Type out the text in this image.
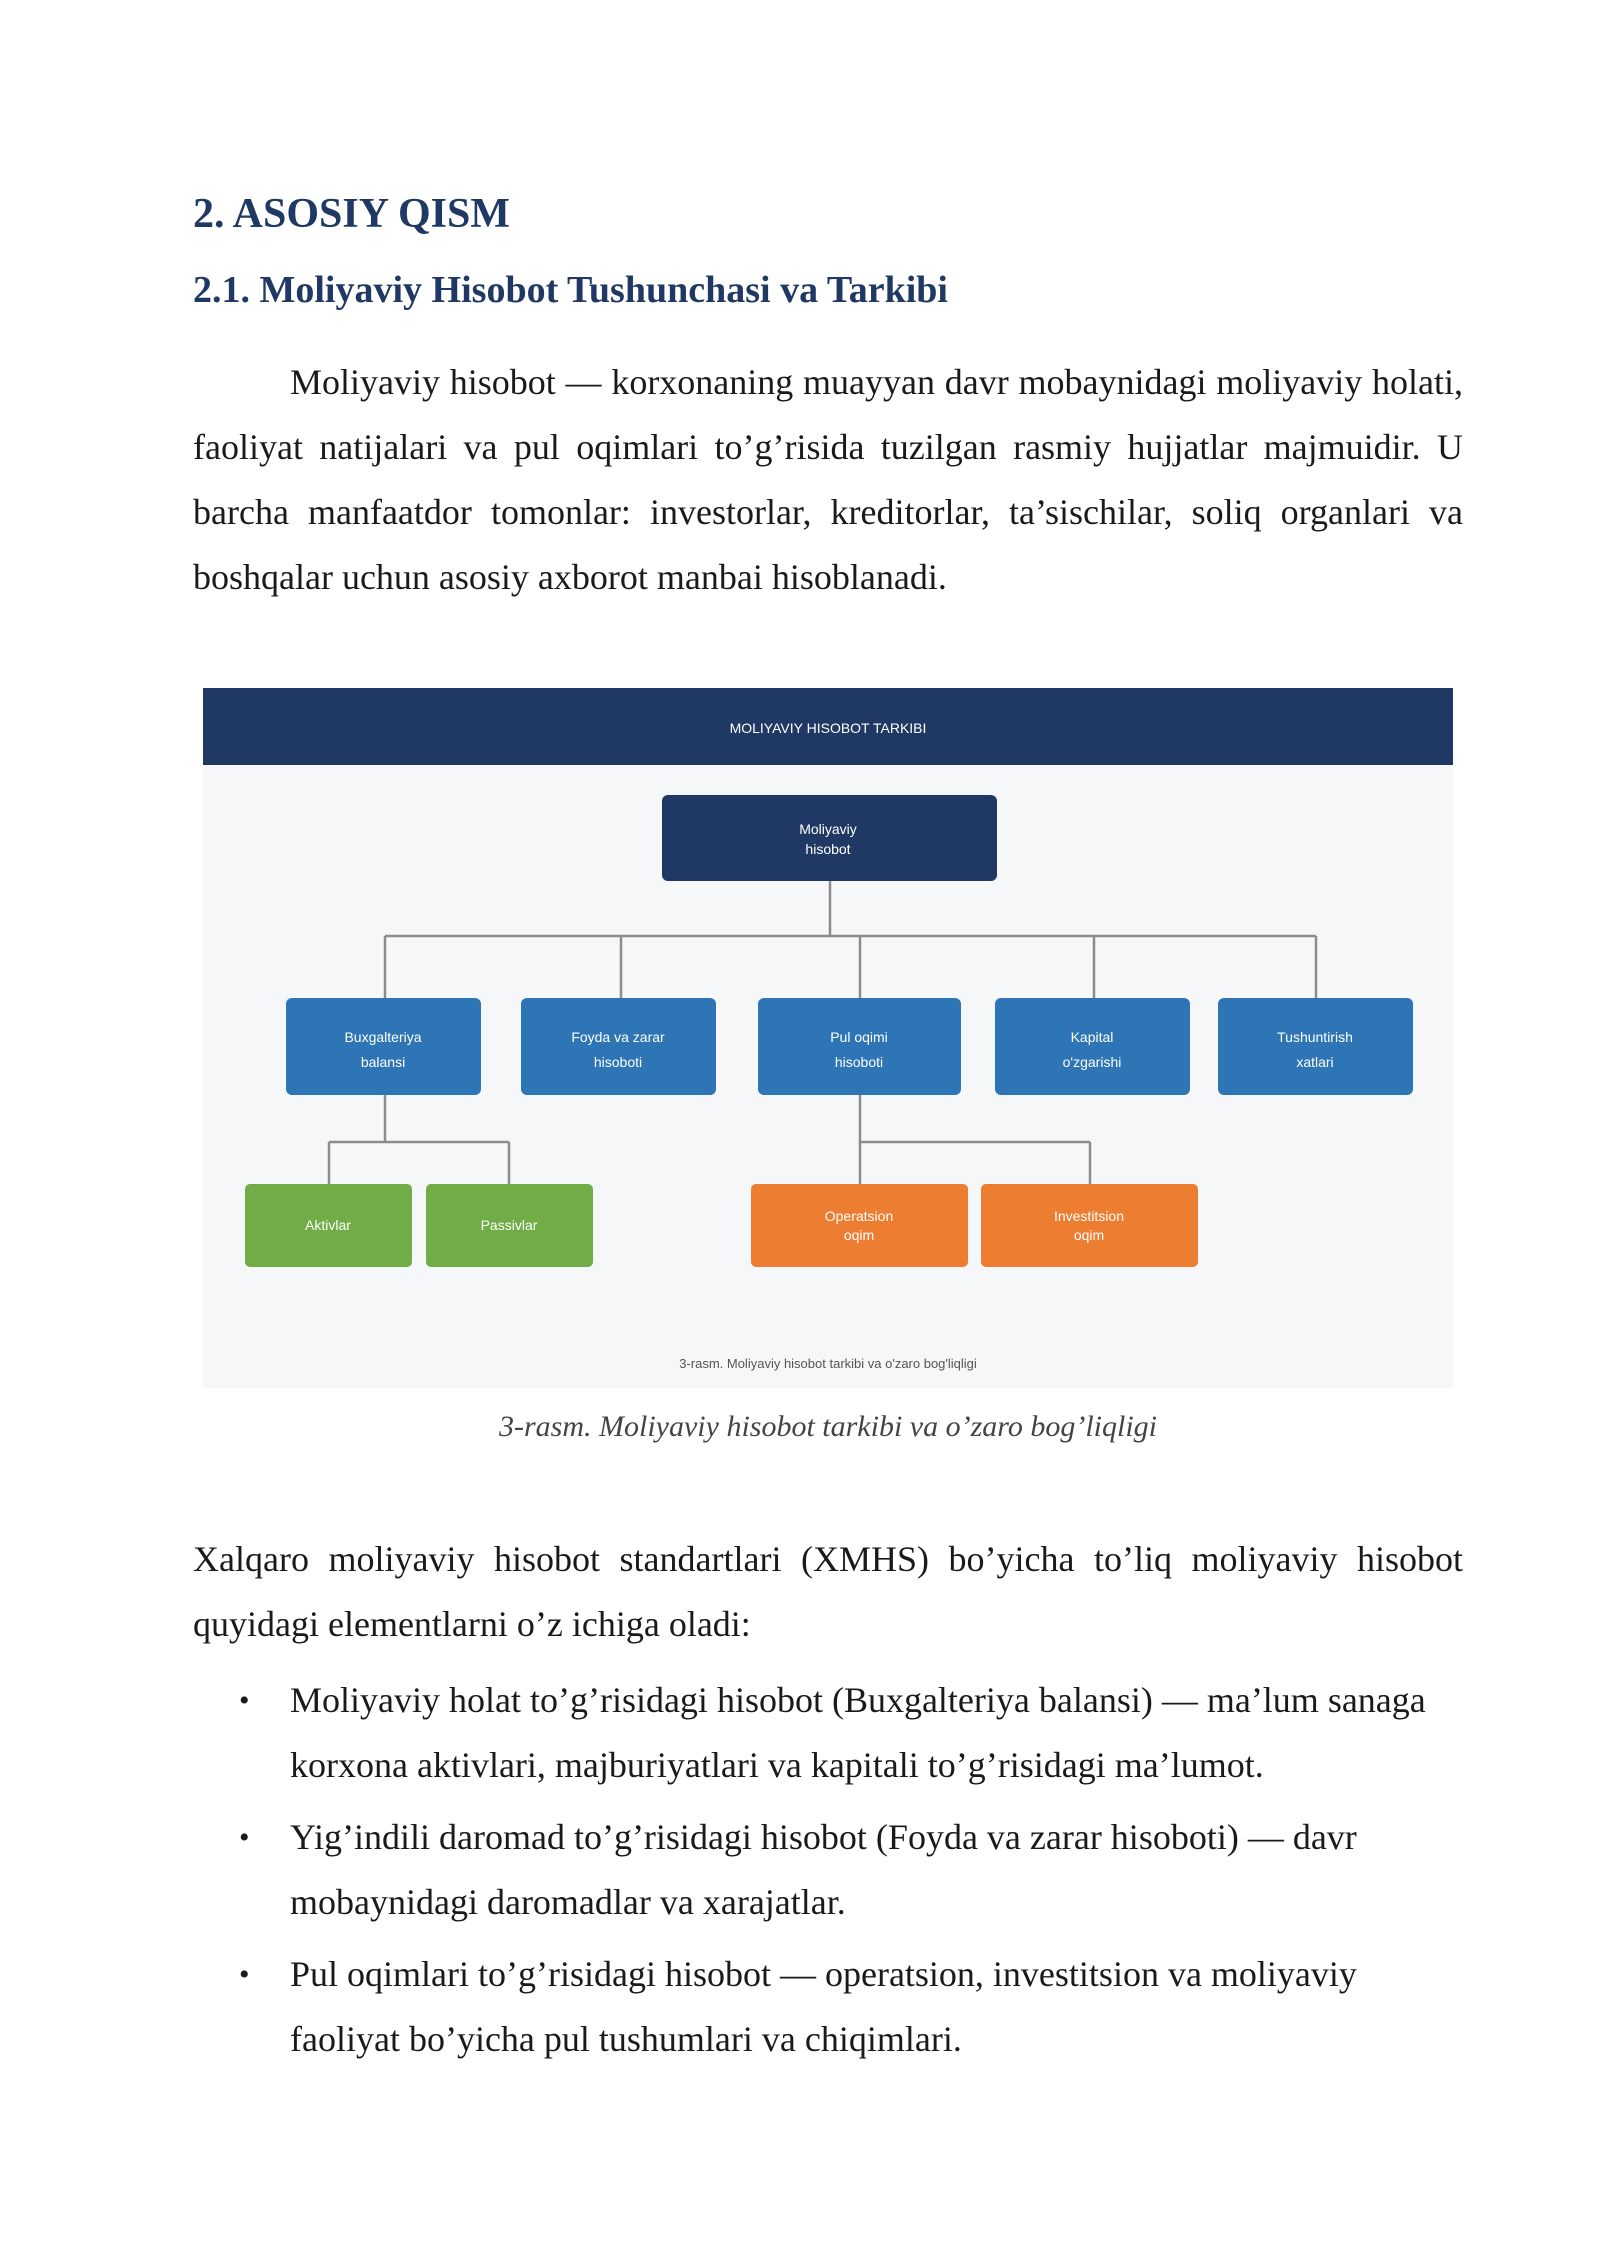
2. ASOSIY QISM
2.1. Moliyaviy Hisobot Tushunchasi va Tarkibi

Moliyaviy hisobot — korxonaning muayyan davr mobaynidagi moliyaviy holati, faoliyat natijalari va pul oqimlari to’g’risida tuzilgan rasmiy hujjatlar majmuidir. U barcha manfaatdor tomonlar: investorlar, kreditorlar, ta’sischilar, soliq organlari va boshqalar uchun asosiy axborot manbai hisoblanadi.

MOLIYAVIY HISOBOT TARKIBI
Moliyaviy
hisobot
Buxgalteriya
balansi
Foyda va zarar
hisoboti
Pul oqimi
hisoboti
Kapital
o'zgarishi
Tushuntirish
xatlari
Aktivlar	Passivlar
Operatsion
oqim
Investitsion
oqim
3-rasm. Moliyaviy hisobot tarkibi va o'zaro bog'liqligi

3-rasm. Moliyaviy hisobot tarkibi va o’zaro bog’liqligi

Xalqaro moliyaviy hisobot standartlari (XMHS) bo’yicha to’liq moliyaviy hisobot quyidagi elementlarni o’z ichiga oladi:

• Moliyaviy holat to’g’risidagi hisobot (Buxgalteriya balansi) — ma’lum sanaga korxona aktivlari, majburiyatlari va kapitali to’g’risidagi ma’lumot.
• Yig’indili daromad to’g’risidagi hisobot (Foyda va zarar hisoboti) — davr mobaynidagi daromadlar va xarajatlar.
• Pul oqimlari to’g’risidagi hisobot — operatsion, investitsion va moliyaviy faoliyat bo’yicha pul tushumlari va chiqimlari.
